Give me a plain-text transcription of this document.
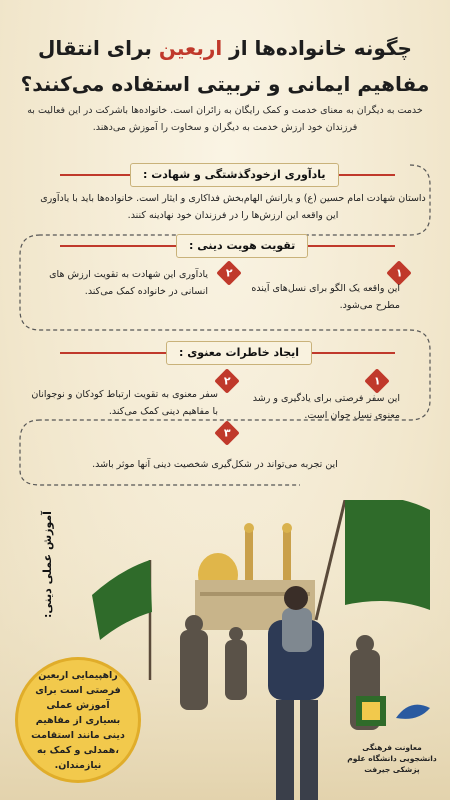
چگونه خانواده‌ها از اربعین برای انتقال
مفاهیم ایمانی و تربیتی استفاده می‌کنند؟
خدمت به دیگران به معنای خدمت و کمک رایگان به زائران است. خانواده‌ها باشرکت در این فعالیت به فرزندان خود ارزش خدمت به دیگران و سخاوت را آموزش می‌دهند.
یادآوری ازخودگذشتگی و شهادت :
داستان شهادت امام حسین (ع) و یارانش الهام‌بخش فداکاری و ایثار است. خانواده‌ها باید با یادآوری این واقعه این ارزش‌ها را در فرزندان خود نهادینه کنند.
تقویت هویت دینی :
۱
۲
این واقعه یک الگو برای نسل‌های آینده مطرح می‌شود.
یادآوری این شهادت به تقویت ارزش های انسانی در خانواده کمک می‌کند.
ایجاد خاطرات معنوی :
۱
۲
۳
این سفر فرصتی برای یادگیری و رشد معنوی نسل جوان است.
سفر معنوی به تقویت ارتباط کودکان و نوجوانان با مفاهیم دینی کمک می‌کند.
این تجربه می‌تواند در شکل‌گیری شخصیت دینی آنها موثر باشد.
آموزش عملی دینی:
راهپیمایی اربعین فرصتی است برای آموزش عملی بسیاری از مفاهیم دینی مانند استقامت ،همدلی و کمک به نیازمندان.
معاونت فرهنگی دانشجویی دانشگاه علوم پزشکی جیرفت
